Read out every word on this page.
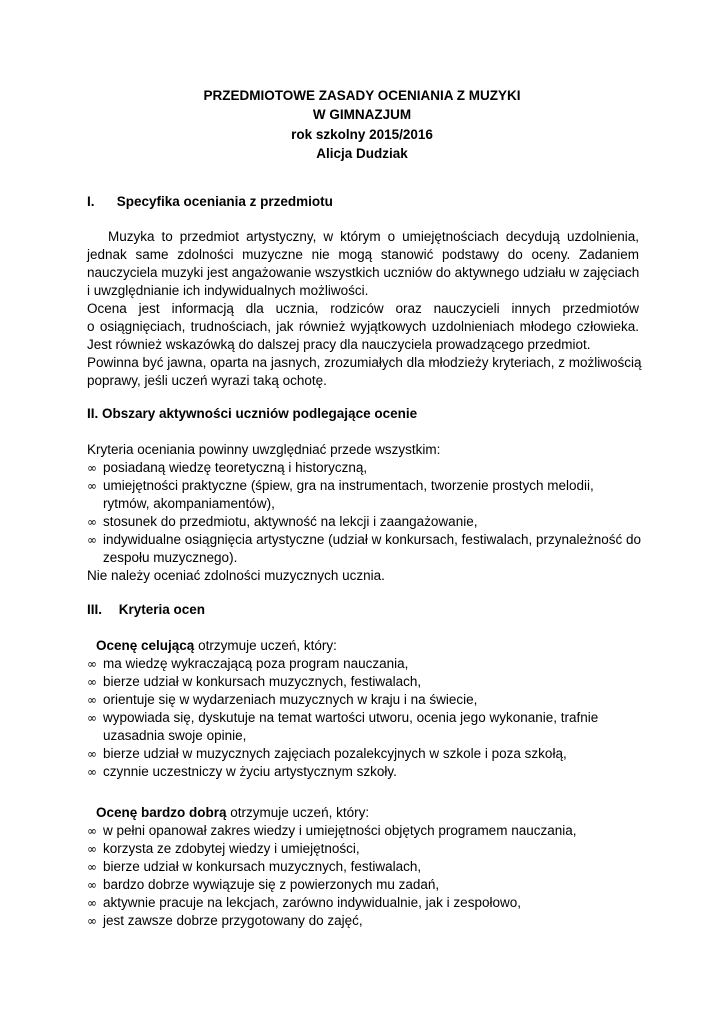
PRZEDMIOTOWE ZASADY OCENIANIA Z MUZYKI
W GIMNAZJUM
rok szkolny 2015/2016
Alicja Dudziak
I. Specyfika oceniania z przedmiotu
Muzyka to przedmiot artystyczny, w którym o umiejętnościach decydują uzdolnienia,
jednak same zdolności muzyczne nie mogą stanowić podstawy do oceny. Zadaniem
nauczyciela muzyki jest angażowanie wszystkich uczniów do aktywnego udziału w zajęciach
i uwzględnianie ich indywidualnych możliwości.
Ocena jest informacją dla ucznia, rodziców oraz nauczycieli innych przedmiotów
o osiągnięciach, trudnościach, jak również wyjątkowych uzdolnieniach młodego człowieka.
Jest również wskazówką do dalszej pracy dla nauczyciela prowadzącego przedmiot.
Powinna być jawna, oparta na jasnych, zrozumiałych dla młodzieży kryteriach, z możliwością
poprawy, jeśli uczeń wyrazi taką ochotę.
II. Obszary aktywności uczniów podlegające ocenie
Kryteria oceniania powinny uwzględniać przede wszystkim:
∞ posiadaną wiedzę teoretyczną i historyczną,
∞ umiejętności praktyczne (śpiew, gra na instrumentach, tworzenie prostych melodii,
rytmów, akompaniamentów),
∞ stosunek do przedmiotu, aktywność na lekcji i zaangażowanie,
∞ indywidualne osiągnięcia artystyczne (udział w konkursach, festiwalach, przynależność do
zespołu muzycznego).
Nie należy oceniać zdolności muzycznych ucznia.
III. Kryteria ocen
Ocenę celującą otrzymuje uczeń, który:
∞ ma wiedzę wykraczającą poza program nauczania,
∞ bierze udział w konkursach muzycznych, festiwalach,
∞ orientuje się w wydarzeniach muzycznych w kraju i na świecie,
∞ wypowiada się, dyskutuje na temat wartości utworu, ocenia jego wykonanie, trafnie
uzasadnia swoje opinie,
∞ bierze udział w muzycznych zajęciach pozalekcyjnych w szkole i poza szkołą,
∞ czynnie uczestniczy w życiu artystycznym szkoły.
Ocenę bardzo dobrą otrzymuje uczeń, który:
∞ w pełni opanował zakres wiedzy i umiejętności objętych programem nauczania,
∞ korzysta ze zdobytej wiedzy i umiejętności,
∞ bierze udział w konkursach muzycznych, festiwalach,
∞ bardzo dobrze wywiązuje się z powierzonych mu zadań,
∞ aktywnie pracuje na lekcjach, zarówno indywidualnie, jak i zespołowo,
∞ jest zawsze dobrze przygotowany do zajęć,
